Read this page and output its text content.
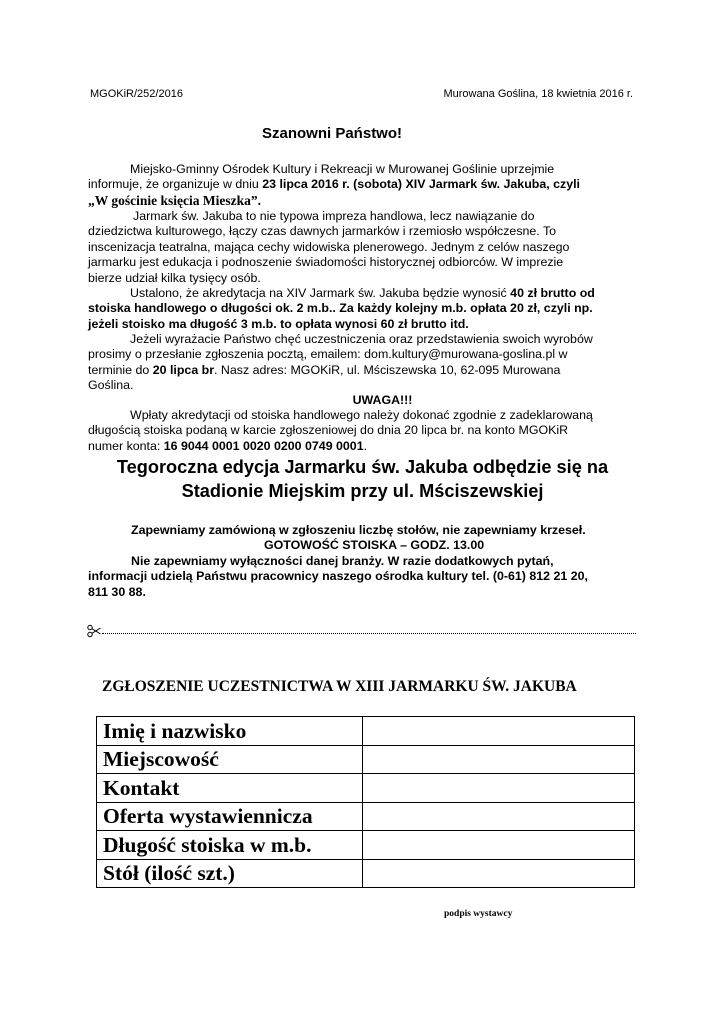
MGOKiR/252/2016	Murowana Goślina, 18 kwietnia 2016 r.
Szanowni Państwo!
Miejsko-Gminny Ośrodek Kultury i Rekreacji w Murowanej Goślinie uprzejmie
informuje, że organizuje w dniu 23 lipca 2016 r. (sobota) XIV Jarmark św. Jakuba, czyli
„W gościnie księcia Mieszka”.
Jarmark św. Jakuba to nie typowa impreza handlowa, lecz nawiązanie do
dziedzictwa kulturowego, łączy czas dawnych jarmarków i rzemiosło współczesne. To
inscenizacja teatralna, mająca cechy widowiska plenerowego. Jednym z celów naszego
jarmarku jest edukacja i podnoszenie świadomości historycznej odbiorców. W imprezie
bierze udział kilka tysięcy osób.
Ustalono, że akredytacja na XIV Jarmark św. Jakuba będzie wynosić 40 zł brutto od
stoiska handlowego o długości ok. 2 m.b.. Za każdy kolejny m.b. opłata 20 zł, czyli np.
jeżeli stoisko ma długość 3 m.b. to opłata wynosi 60 zł brutto itd.
Jeżeli wyrażacie Państwo chęć uczestniczenia oraz przedstawienia swoich wyrobów
prosimy o przesłanie zgłoszenia pocztą, emailem: dom.kultury@murowana-goslina.pl w
terminie do 20 lipca br. Nasz adres: MGOKiR, ul. Mściszewska 10, 62-095 Murowana
Goślina.
UWAGA!!!
Wpłaty akredytacji od stoiska handlowego należy dokonać zgodnie z zadeklarowaną
długością stoiska podaną w karcie zgłoszeniowej do dnia 20 lipca br. na konto MGOKiR
numer konta: 16 9044 0001 0020 0200 0749 0001.
Tegoroczna edycja Jarmarku św. Jakuba odbędzie się na
Stadionie Miejskim przy ul. Mściszewskiej
Zapewniamy zamówioną w zgłoszeniu liczbę stołów, nie zapewniamy krzeseł.
GOTOWOŚĆ STOISKA – GODZ. 13.00
Nie zapewniamy wyłączności danej branży. W razie dodatkowych pytań,
informacji udzielą Państwu pracownicy naszego ośrodka kultury tel. (0-61) 812 21 20,
811 30 88.
ZGŁOSZENIE UCZESTNICTWA W XIII JARMARKU ŚW. JAKUBA
Imię i nazwisko	
Miejscowość	
Kontakt	
Oferta wystawiennicza	
Długość stoiska w m.b.	
Stół (ilość szt.)	
podpis wystawcy
